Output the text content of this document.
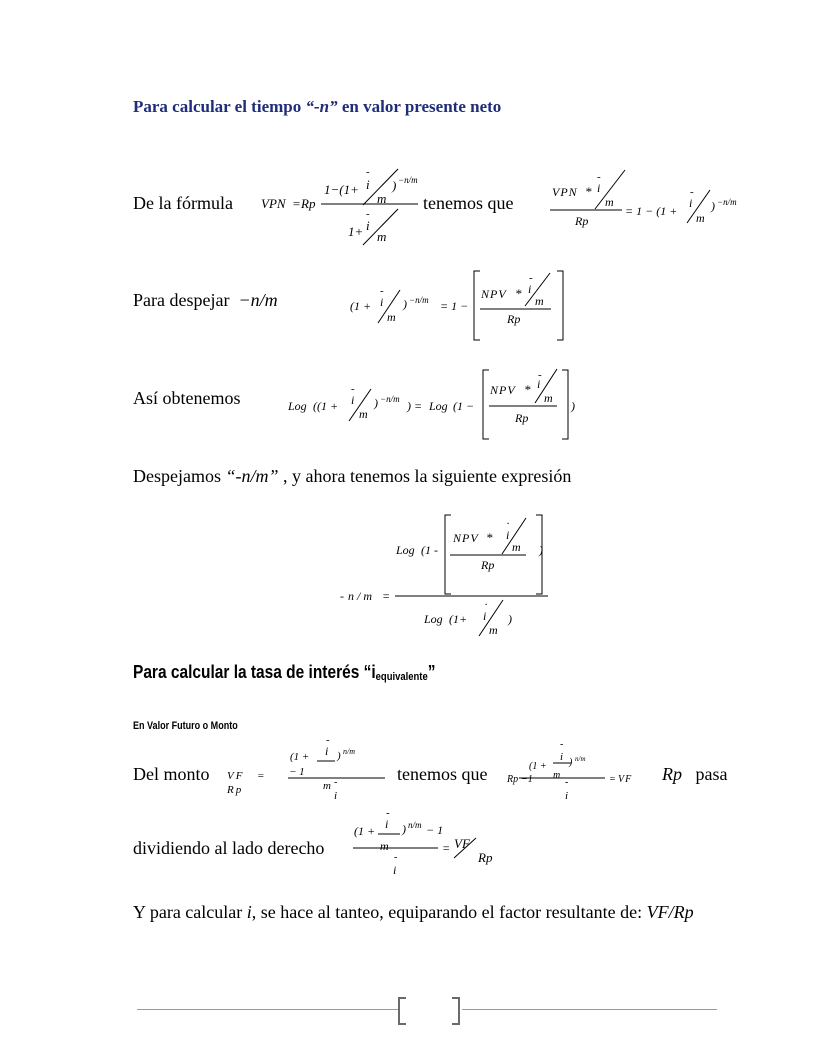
Para calcular el tiempo “-n” en valor presente neto
De la fórmula VPN = Rp
1−(1+
-
i
m
) −n/m
1+
-
i
m
tenemos que
VPN *
-
i
m
Rp
= 1 − (1 +
-
i
m
) −n/m
Para despejar −n/m	(1 +
-
i
m
) −n/m = 1 −
NPV *
-
i
m
Rp
Así obtenemos	Log ((1 +
-
i
m
) −n/m ) = Log (1 −
NPV *
-
i
m
Rp
)
Despejamos “-n/m” , y ahora tenemos la siguiente expresión
Log (1 -
NPV *
.
i
m
Rp
)
- n / m =
Log (1+
.
i
m
)
Para calcular la tasa de interés “$i_{equivalente}$”
En Valor Futuro o Monto
Del monto VF =
Rp
(1 +
-
i ) n/m
− 1
m -
i
tenemos que	(1 +
-
i ) n/m
Rp −1 m
-
i
= VF Rp pasa
dividiendo al lado derecho
(1 +
-
i ) n/m − 1
m
-
i
= VF
Rp
Y para calcular i, se hace al tanteo, equiparando el factor resultante de: VF/Rp
